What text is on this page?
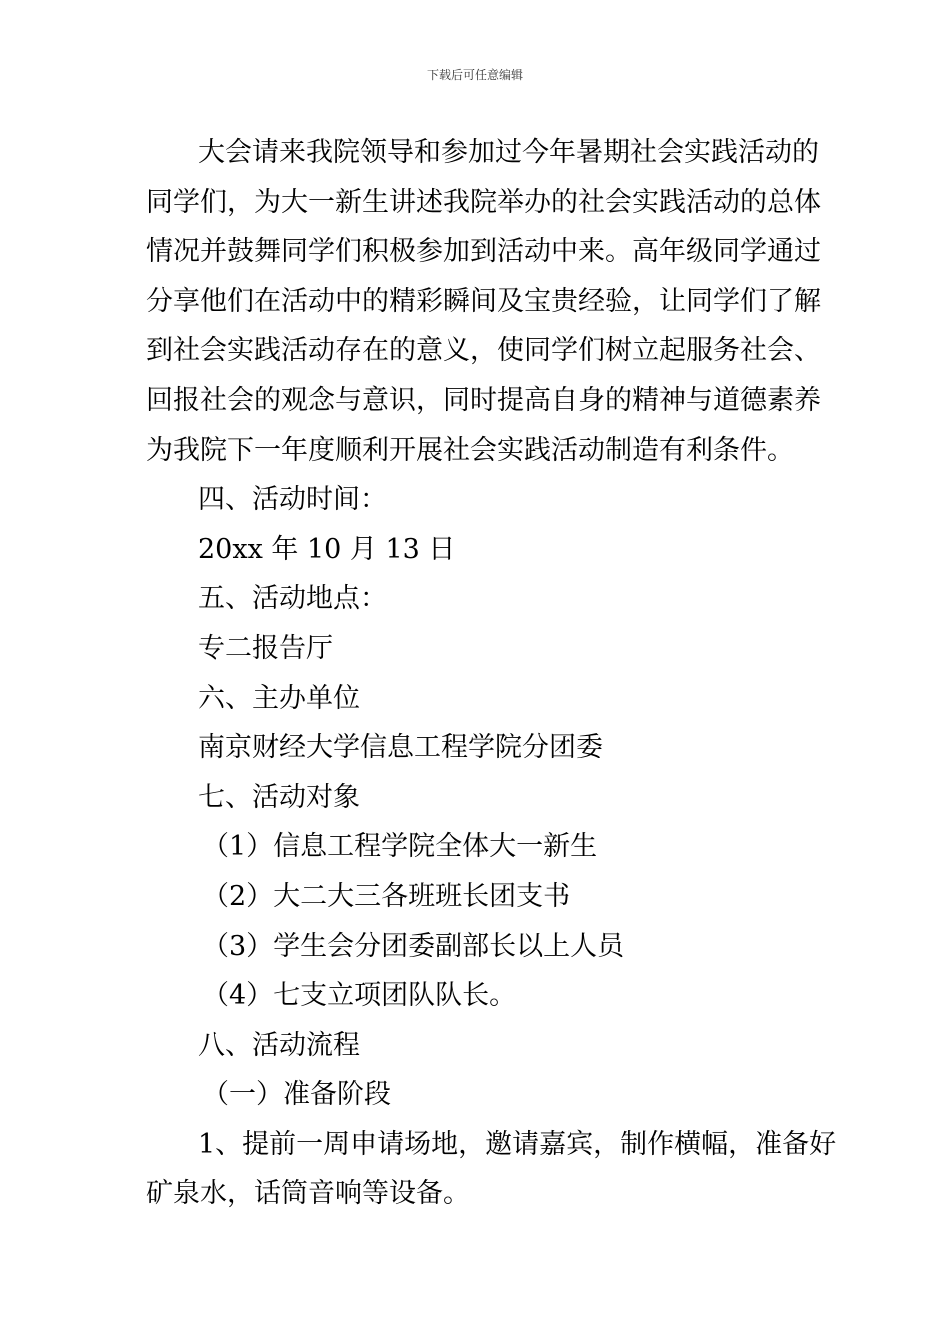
下载后可任意编辑
大会请来我院领导和参加过今年暑期社会实践活动的
同学们，为大一新生讲述我院举办的社会实践活动的总体
情况并鼓舞同学们积极参加到活动中来。高年级同学通过
分享他们在活动中的精彩瞬间及宝贵经验，让同学们了解
到社会实践活动存在的意义，使同学们树立起服务社会、
回报社会的观念与意识，同时提高自身的精神与道德素养
为我院下一年度顺利开展社会实践活动制造有利条件。
四、活动时间：
20xx 年 10 月 13 日
五、活动地点：
专二报告厅
六、主办单位
南京财经大学信息工程学院分团委
七、活动对象
（1）信息工程学院全体大一新生
（2）大二大三各班班长团支书
（3）学生会分团委副部长以上人员
（4）七支立项团队队长。
八、活动流程
（一）准备阶段
1、提前一周申请场地，邀请嘉宾，制作横幅，准备好
矿泉水，话筒音响等设备。
